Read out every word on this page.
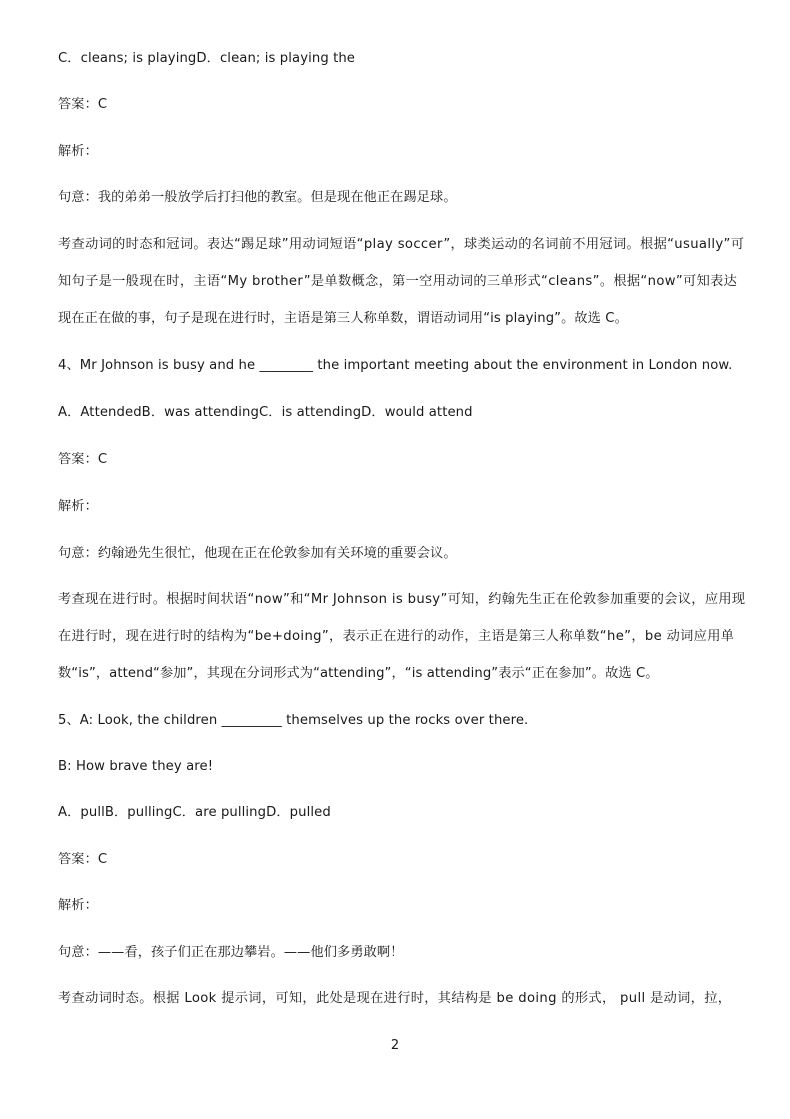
C．cleans; is playingD．clean; is playing the
答案：C
解析：
句意：我的弟弟一般放学后打扫他的教室。但是现在他正在踢足球。
考查动词的时态和冠词。表达“踢足球”用动词短语“play soccer”，球类运动的名词前不用冠词。根据“usually”可
知句子是一般现在时，主语“My brother”是单数概念，第一空用动词的三单形式“cleans”。根据“now”可知表达
现在正在做的事，句子是现在进行时，主语是第三人称单数，谓语动词用“is playing”。故选 C。
4、Mr Johnson is busy and he ________ the important meeting about the environment in London now.
A．AttendedB．was attendingC．is attendingD．would attend
答案：C
解析：
句意：约翰逊先生很忙，他现在正在伦敦参加有关环境的重要会议。
考查现在进行时。根据时间状语“now”和“Mr Johnson is busy”可知，约翰先生正在伦敦参加重要的会议，应用现
在进行时，现在进行时的结构为“be+doing”，表示正在进行的动作，主语是第三人称单数“he”，be 动词应用单
数“is”，attend“参加”，其现在分词形式为“attending”，“is attending”表示“正在参加”。故选 C。
5、A: Look, the children _________ themselves up the rocks over there.
B: How brave they are!
A．pullB．pullingC．are pullingD．pulled
答案：C
解析：
句意：——看，孩子们正在那边攀岩。——他们多勇敢啊！
考查动词时态。根据 Look 提示词，可知，此处是现在进行时，其结构是 be doing 的形式， pull 是动词，拉，
2
